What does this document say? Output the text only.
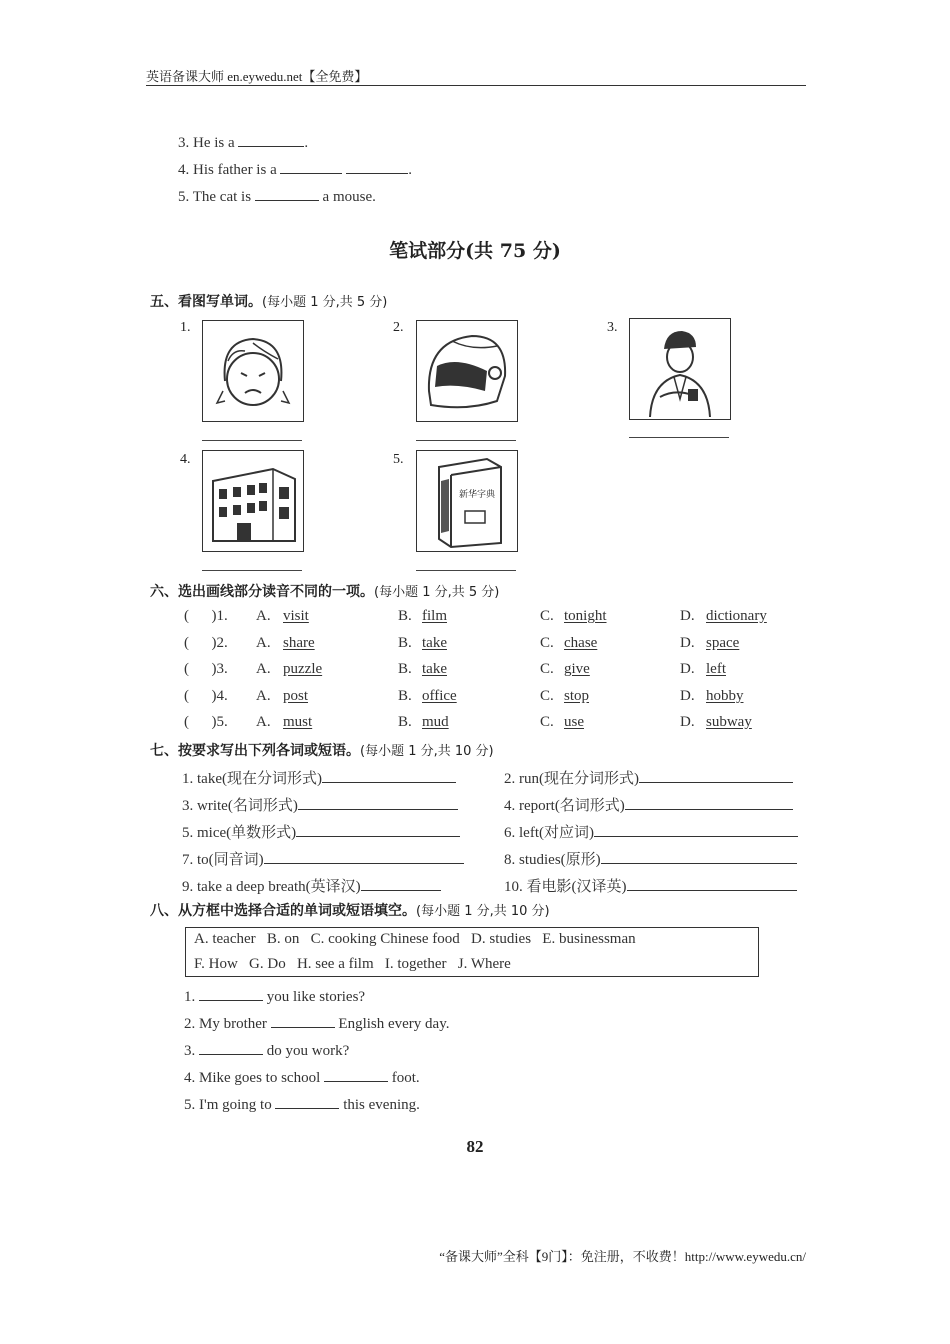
英语备课大师 en.eywedu.net【全免费】
3. He is a	.
4. His father is a	.
5. The cat is	a mouse.
笔试部分(共 75 分)
五、看图写单词。(每小题 1 分,共 5 分)
1.	2.	3.
4.	5.
新华字典
六、选出画线部分读音不同的一项。(每小题 1 分,共 5 分)
(      )1. A. visit	B. film	C. tonight	D. dictionary
(      )2. A. share	B. take	C. chase	D. space
(      )3. A. puzzle	B. take	C. give	D. left
(      )4. A. post	B. office	C. stop	D. hobby
(      )5. A. must	B. mud	C. use	D. subway
七、按要求写出下列各词或短语。(每小题 1 分,共 10 分)
1. take(现在分词形式)	2. run(现在分词形式)
3. write(名词形式)	4. report(名词形式)
5. mice(单数形式)	6. left(对应词)
7. to(同音词)	8. studies(原形)
9. take a deep breath(英译汉)	10. 看电影(汉译英)
八、从方框中选择合适的单词或短语填空。(每小题 1 分,共 10 分)
A. teacher   B. on   C. cooking Chinese food   D. studies   E. businessman
F. How   G. Do   H. see a film   I. together   J. Where
1.	you like stories?
2. My brother	English every day.
3.	do you work?
4. Mike goes to school	foot.
5. I'm going to	this evening.
82
“备课大师”全科【9门】：免注册，不收费！http://www.eywedu.cn/
